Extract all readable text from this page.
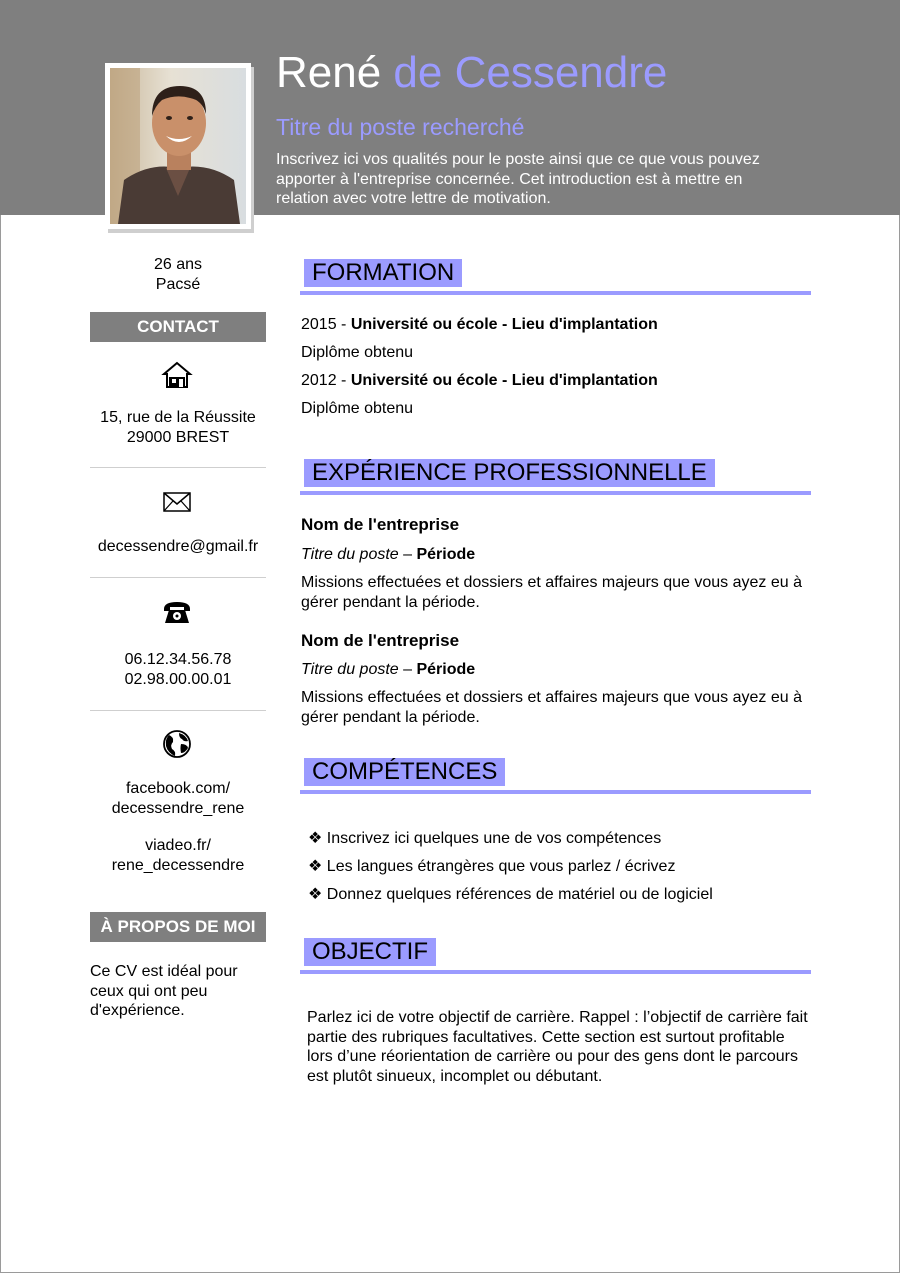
René de Cessendre
Titre du poste recherché
Inscrivez ici vos qualités pour le poste ainsi que ce que vous pouvez apporter à l'entreprise concernée. Cet introduction est à mettre en relation avec votre lettre de motivation.
26 ans
Pacsé
CONTACT
15, rue de la Réussite
29000 BREST
decessendre@gmail.fr
06.12.34.56.78
02.98.00.00.01
facebook.com/
decessendre_rene
viadeo.fr/
rene_decessendre
À PROPOS DE MOI
Ce CV est idéal pour ceux qui ont peu d'expérience.
FORMATION
2015 - Université ou école - Lieu d'implantation
Diplôme obtenu
2012 - Université ou école - Lieu d'implantation
Diplôme obtenu
EXPÉRIENCE PROFESSIONNELLE
Nom de l'entreprise
Titre du poste – Période
Missions effectuées et dossiers et affaires majeurs que vous ayez eu à gérer pendant la période.
Nom de l'entreprise
Titre du poste – Période
Missions effectuées et dossiers et affaires majeurs que vous ayez eu à gérer pendant la période.
COMPÉTENCES
❖ Inscrivez ici quelques une de vos compétences
❖ Les langues étrangères que vous parlez / écrivez
❖ Donnez quelques références de matériel ou de logiciel
OBJECTIF
Parlez ici de votre objectif de carrière. Rappel : l’objectif de carrière fait partie des rubriques facultatives. Cette section est surtout profitable lors d’une réorientation de carrière ou pour des gens dont le parcours est plutôt sinueux, incomplet ou débutant.
